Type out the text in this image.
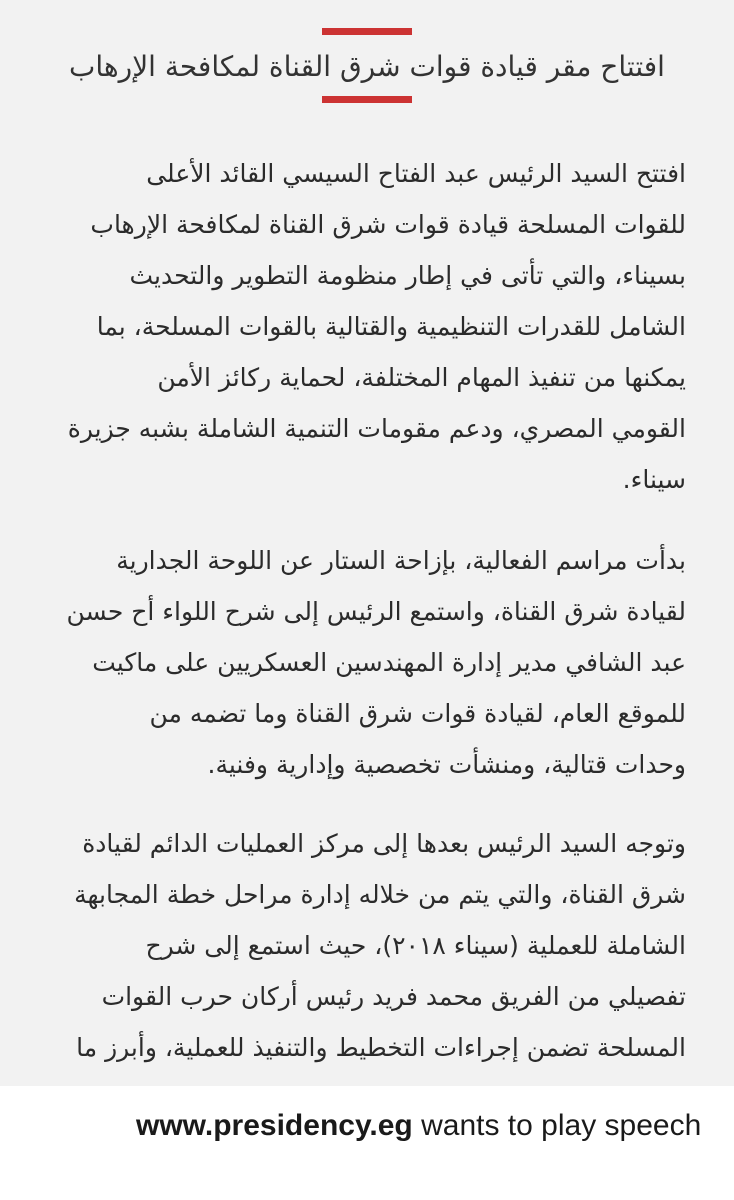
افتتاح مقر قيادة قوات شرق القناة لمكافحة الإرهاب
افتتح السيد الرئيس عبد الفتاح السيسي القائد الأعلى
للقوات المسلحة قيادة قوات شرق القناة لمكافحة الإرهاب
بسيناء، والتي تأتى في إطار منظومة التطوير والتحديث
الشامل للقدرات التنظيمية والقتالية بالقوات المسلحة، بما
يمكنها من تنفيذ المهام المختلفة، لحماية ركائز الأمن
القومي المصري، ودعم مقومات التنمية الشاملة بشبه جزيرة
سيناء.
بدأت مراسم الفعالية، بإزاحة الستار عن اللوحة الجدارية
لقيادة شرق القناة، واستمع الرئيس إلى شرح اللواء أح حسن
عبد الشافي مدير إدارة المهندسين العسكريين على ماكيت
للموقع العام، لقيادة قوات شرق القناة وما تضمه من
وحدات قتالية، ومنشأت تخصصية وإدارية وفنية.
وتوجه السيد الرئيس بعدها إلى مركز العمليات الدائم لقيادة
شرق القناة، والتي يتم من خلاله إدارة مراحل خطة المجابهة
الشاملة للعملية (سيناء ٢٠١٨)، حيث استمع إلى شرح
تفصيلي من الفريق محمد فريد رئيس أركان حرب القوات
المسلحة تضمن إجراءات التخطيط والتنفيذ للعملية، وأبرز ما
www.presidency.eg wants to play speech
